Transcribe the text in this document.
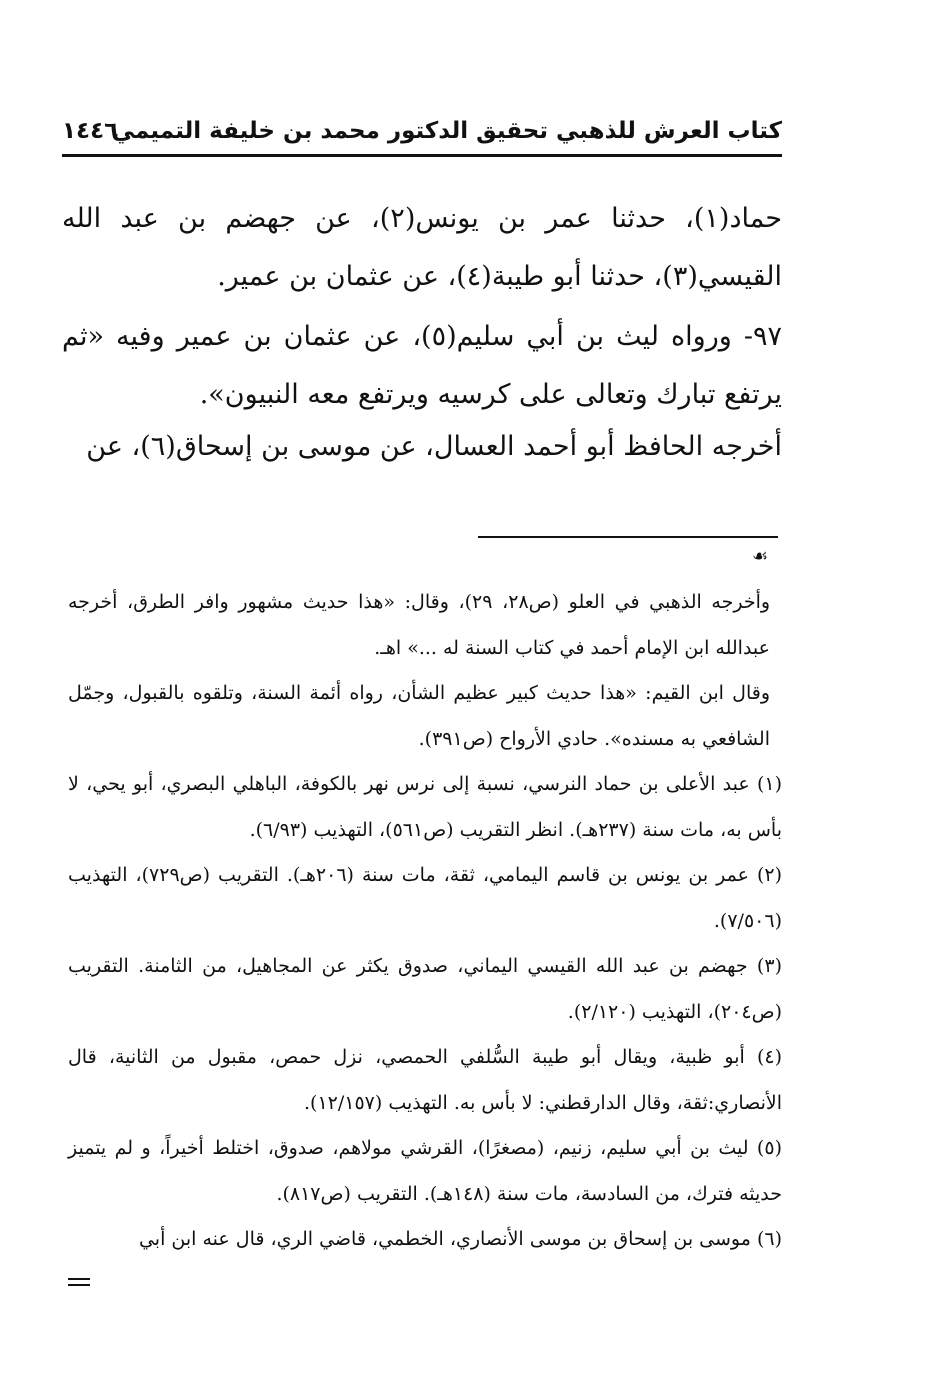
كتاب العرش للذهبي تحقيق الدكتور محمد بن خليفة التميمي
١٤٤٦

حماد(١)، حدثنا عمر بن يونس(٢)، عن جهضم بن عبد الله القيسي(٣)، حدثنا أبو طيبة(٤)، عن عثمان بن عمير.

٩٧- ورواه ليث بن أبي سليم(٥)، عن عثمان بن عمير وفيه «ثم يرتفع تبارك وتعالى على كرسيه ويرتفع معه النبيون».

أخرجه الحافظ أبو أحمد العسال، عن موسى بن إسحاق(٦)، عن

☙

وأخرجه الذهبي في العلو (ص٢٨، ٢٩)، وقال: «هذا حديث مشهور وافر الطرق، أخرجه عبدالله ابن الإمام أحمد في كتاب السنة له ...» اهـ.

وقال ابن القيم: «هذا حديث كبير عظيم الشأن، رواه أئمة السنة، وتلقوه بالقبول، وجمّل الشافعي به مسنده». حادي الأرواح (ص٣٩١).

(١) عبد الأعلى بن حماد النرسي، نسبة إلى نرس نهر بالكوفة، الباهلي البصري، أبو يحي، لا بأس به، مات سنة (٢٣٧هـ). انظر التقريب (ص٥٦١)، التهذيب (٦/٩٣).

(٢) عمر بن يونس بن قاسم اليمامي، ثقة، مات سنة (٢٠٦هـ). التقريب (ص٧٢٩)، التهذيب (٧/٥٠٦).

(٣) جهضم بن عبد الله القيسي اليماني، صدوق يكثر عن المجاهيل، من الثامنة. التقريب (ص٢٠٤)، التهذيب (٢/١٢٠).

(٤) أبو ظبية، ويقال أبو طيبة السُّلفي الحمصي، نزل حمص، مقبول من الثانية، قال الأنصاري:ثقة، وقال الدارقطني: لا بأس به. التهذيب (١٢/١٥٧).

(٥) ليث بن أبي سليم، زنيم، (مصغرًا)، القرشي مولاهم، صدوق، اختلط أخيراً، و لم يتميز حديثه فترك، من السادسة، مات سنة (١٤٨هـ). التقريب (ص٨١٧).

(٦) موسى بن إسحاق بن موسى الأنصاري، الخطمي، قاضي الري، قال عنه ابن أبي
